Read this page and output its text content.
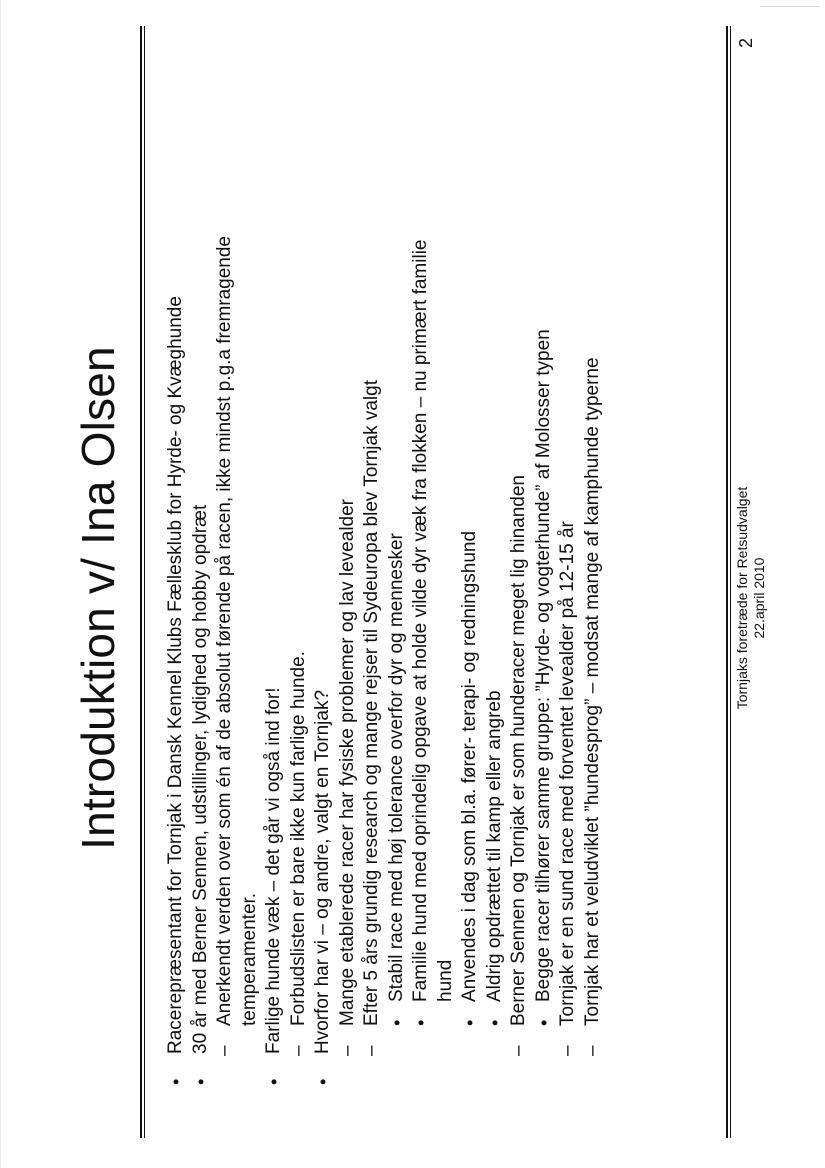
Introduktion v/ Ina Olsen
•
Racerepræsentant for Tornjak i Dansk Kennel Klubs Fællesklub for Hyrde- og Kvæghunde
•
30 år med Berner Sennen, udstillinger, lydighed og hobby opdræt –
Anerkendt verden over som én af de absolut førende på racen, ikke mindst p.g.a fremragende temperamenter.
•
Farlige hunde væk – det går vi også ind for! –
Forbudslisten er bare ikke kun farlige hunde.
•
Hvorfor har vi – og andre, valgt en Tornjak? –
Mange etablerede racer har fysiske problemer og lav levealder
–
Efter 5 års grundig research og mange rejser til Sydeuropa blev Tornjak valgt •
Stabil race med høj tolerance overfor dyr og mennesker
•
Familie hund med oprindelig opgave at holde vilde dyr væk fra flokken – nu primært familie hund
•
Anvendes i dag som bl.a. fører- terapi- og redningshund
•
Aldrig opdrættet til kamp eller angreb
–
Berner Sennen og Tornjak er som hunderacer meget lig hinanden •
Begge racer tilhører samme gruppe: ”Hyrde- og vogterhunde” af Molosser typen
–
Tornjak er en sund race med forventet levealder på 12-15 år
–
Tornjak har et veludviklet ”hundesprog” – modsat mange af kamphunde typerne	Tornjaks foretræde for Retsudvalget 22.april 2010
2
